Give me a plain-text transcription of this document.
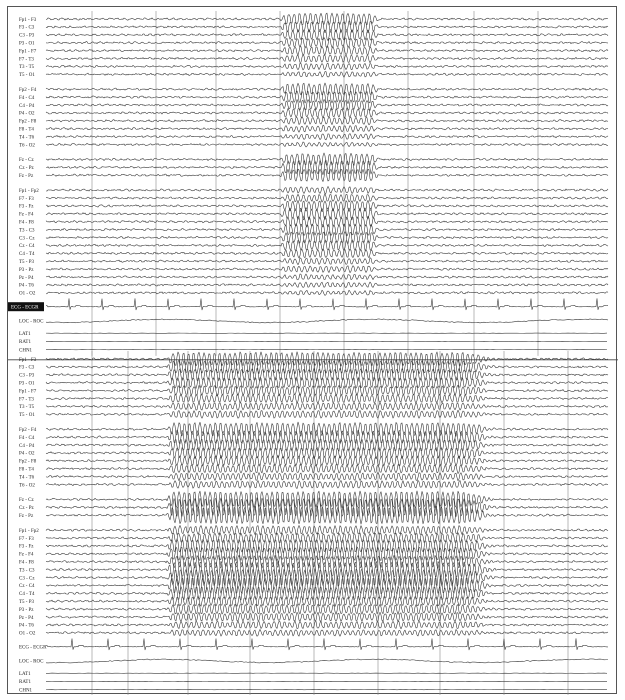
Fp1 - F3
F3 - C3
C3 - P3
P3 - O1
Fp1 - F7
F7 - T3
T3 - T5
T5 - O1
Fp2 - F4
F4 - C4
C4 - P4
P4 - O2
Fp2 - F8
F8 - T4
T4 - T6
T6 - O2
Fz - Cz
Cz - Pz
Fz - Pz
Fp1 - Fp2
F7 - F3
F3 - Fz
Fz - F4
F4 - F8
T3 - C3
C3 - Cz
Cz - C4
C4 - T4
T5 - P3
P3 - Pz
Pz - P4
P4 - T6
O1 - O2
ECG - ECGR
LOC - ROC
LAT1
RAT1
CHN1
Fp1 - F3
F3 - C3
C3 - P3
P3 - O1
Fp1 - F7
F7 - T3
T3 - T5
T5 - O1
Fp2 - F4
F4 - C4
C4 - P4
P4 - O2
Fp2 - F8
F8 - T4
T4 - T6
T6 - O2
Fz - Cz
Cz - Pz
Fz - Pz
Fp1 - Fp2
F7 - F3
F3 - Fz
Fz - F4
F4 - F8
T3 - C3
C3 - Cz
Cz - C4
C4 - T4
T5 - P3
P3 - Pz
Pz - P4
P4 - T6
O1 - O2
ECG - ECGR
LOC - ROC
LAT1
RAT1
CHN1
